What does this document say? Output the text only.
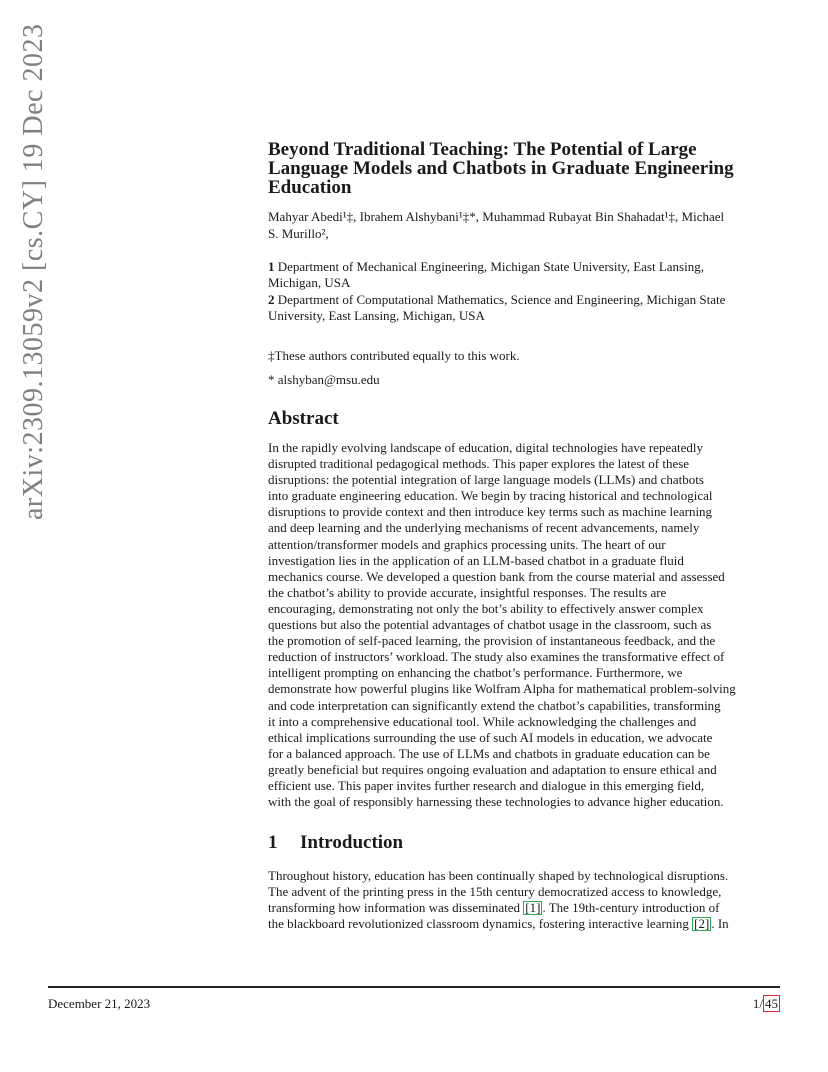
arXiv:2309.13059v2 [cs.CY] 19 Dec 2023	Beyond Traditional Teaching: The Potential of Large
Language Models and Chatbots in Graduate Engineering
Education
Mahyar Abedi¹‡, Ibrahem Alshybani¹‡*, Muhammad Rubayat Bin Shahadat¹‡, Michael
S. Murillo²,
1 Department of Mechanical Engineering, Michigan State University, East Lansing,
Michigan, USA
2 Department of Computational Mathematics, Science and Engineering, Michigan State
University, East Lansing, Michigan, USA
‡These authors contributed equally to this work.
* alshyban@msu.edu
Abstract
In the rapidly evolving landscape of education, digital technologies have repeatedly
disrupted traditional pedagogical methods. This paper explores the latest of these
disruptions: the potential integration of large language models (LLMs) and chatbots
into graduate engineering education. We begin by tracing historical and technological
disruptions to provide context and then introduce key terms such as machine learning
and deep learning and the underlying mechanisms of recent advancements, namely
attention/transformer models and graphics processing units. The heart of our
investigation lies in the application of an LLM-based chatbot in a graduate fluid
mechanics course. We developed a question bank from the course material and assessed
the chatbot’s ability to provide accurate, insightful responses. The results are
encouraging, demonstrating not only the bot’s ability to effectively answer complex
questions but also the potential advantages of chatbot usage in the classroom, such as
the promotion of self-paced learning, the provision of instantaneous feedback, and the
reduction of instructors’ workload. The study also examines the transformative effect of
intelligent prompting on enhancing the chatbot’s performance. Furthermore, we
demonstrate how powerful plugins like Wolfram Alpha for mathematical problem-solving
and code interpretation can significantly extend the chatbot’s capabilities, transforming
it into a comprehensive educational tool. While acknowledging the challenges and
ethical implications surrounding the use of such AI models in education, we advocate
for a balanced approach. The use of LLMs and chatbots in graduate education can be
greatly beneficial but requires ongoing evaluation and adaptation to ensure ethical and
efficient use. This paper invites further research and dialogue in this emerging field,
with the goal of responsibly harnessing these technologies to advance higher education.
1 Introduction
Throughout history, education has been continually shaped by technological disruptions.
The advent of the printing press in the 15th century democratized access to knowledge,
transforming how information was disseminated [1] . The 19th-century introduction of
the blackboard revolutionized classroom dynamics, fostering interactive learning [2] . In
December 21, 2023	1/ 45
